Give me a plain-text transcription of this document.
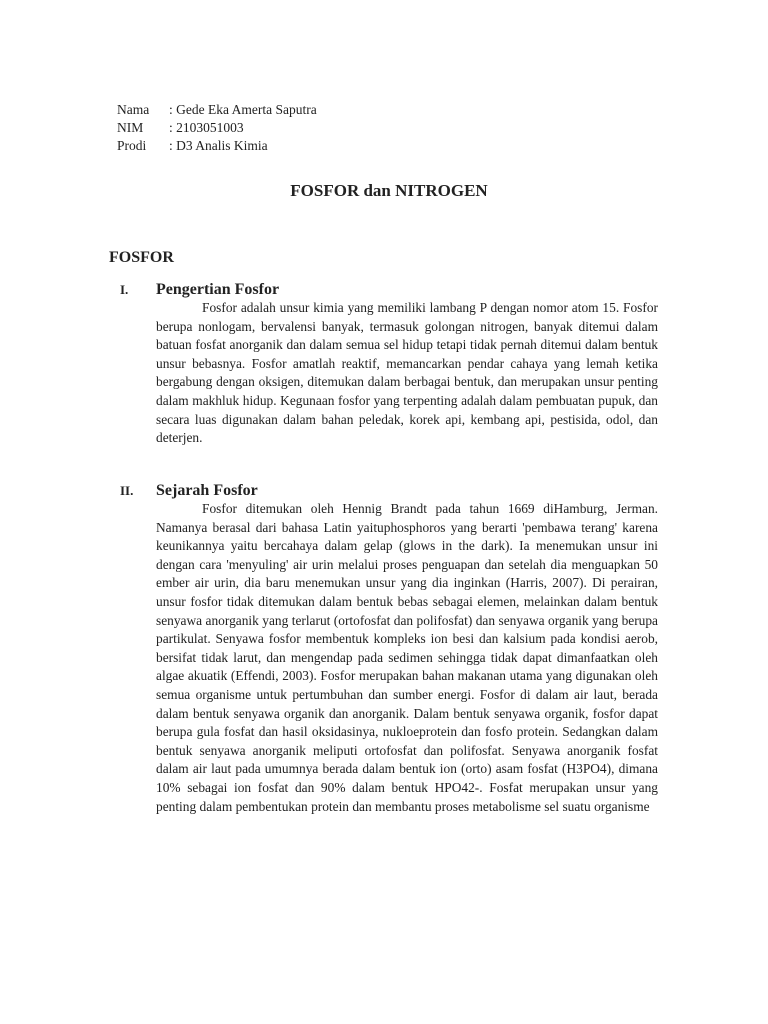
Nama	: Gede Eka Amerta Saputra
NIM	: 2103051003
Prodi	: D3 Analis Kimia
FOSFOR dan NITROGEN
FOSFOR
I.	Pengertian Fosfor

Fosfor adalah unsur kimia yang memiliki lambang P dengan nomor atom 15. Fosfor berupa nonlogam, bervalensi banyak, termasuk golongan nitrogen, banyak ditemui dalam batuan fosfat anorganik dan dalam semua sel hidup tetapi tidak pernah ditemui dalam bentuk unsur bebasnya. Fosfor amatlah reaktif, memancarkan pendar cahaya yang lemah ketika bergabung dengan oksigen, ditemukan dalam berbagai bentuk, dan merupakan unsur penting dalam makhluk hidup. Kegunaan fosfor yang terpenting adalah dalam pembuatan pupuk, dan secara luas digunakan dalam bahan peledak, korek api, kembang api, pestisida, odol, dan deterjen.

II.	Sejarah Fosfor

Fosfor ditemukan oleh Hennig Brandt pada tahun 1669 diHamburg, Jerman. Namanya berasal dari bahasa Latin yaituphosphoros yang berarti 'pembawa terang' karena keunikannya yaitu bercahaya dalam gelap (glows in the dark). Ia menemukan unsur ini dengan cara 'menyuling' air urin melalui proses penguapan dan setelah dia menguapkan 50 ember air urin, dia baru menemukan unsur yang dia inginkan (Harris, 2007). Di perairan, unsur fosfor tidak ditemukan dalam bentuk bebas sebagai elemen, melainkan dalam bentuk senyawa anorganik yang terlarut (ortofosfat dan polifosfat) dan senyawa organik yang berupa partikulat. Senyawa fosfor membentuk kompleks ion besi dan kalsium pada kondisi aerob, bersifat tidak larut, dan mengendap pada sedimen sehingga tidak dapat dimanfaatkan oleh algae akuatik (Effendi, 2003). Fosfor merupakan bahan makanan utama yang digunakan oleh semua organisme untuk pertumbuhan dan sumber energi. Fosfor di dalam air laut, berada dalam bentuk senyawa organik dan anorganik. Dalam bentuk senyawa organik, fosfor dapat berupa gula fosfat dan hasil oksidasinya, nukloeprotein dan fosfo protein. Sedangkan dalam bentuk senyawa anorganik meliputi ortofosfat dan polifosfat. Senyawa anorganik fosfat dalam air laut pada umumnya berada dalam bentuk ion (orto) asam fosfat (H3PO4), dimana 10% sebagai ion fosfat dan 90% dalam bentuk HPO42-. Fosfat merupakan unsur yang penting dalam pembentukan protein dan membantu proses metabolisme sel suatu organisme
